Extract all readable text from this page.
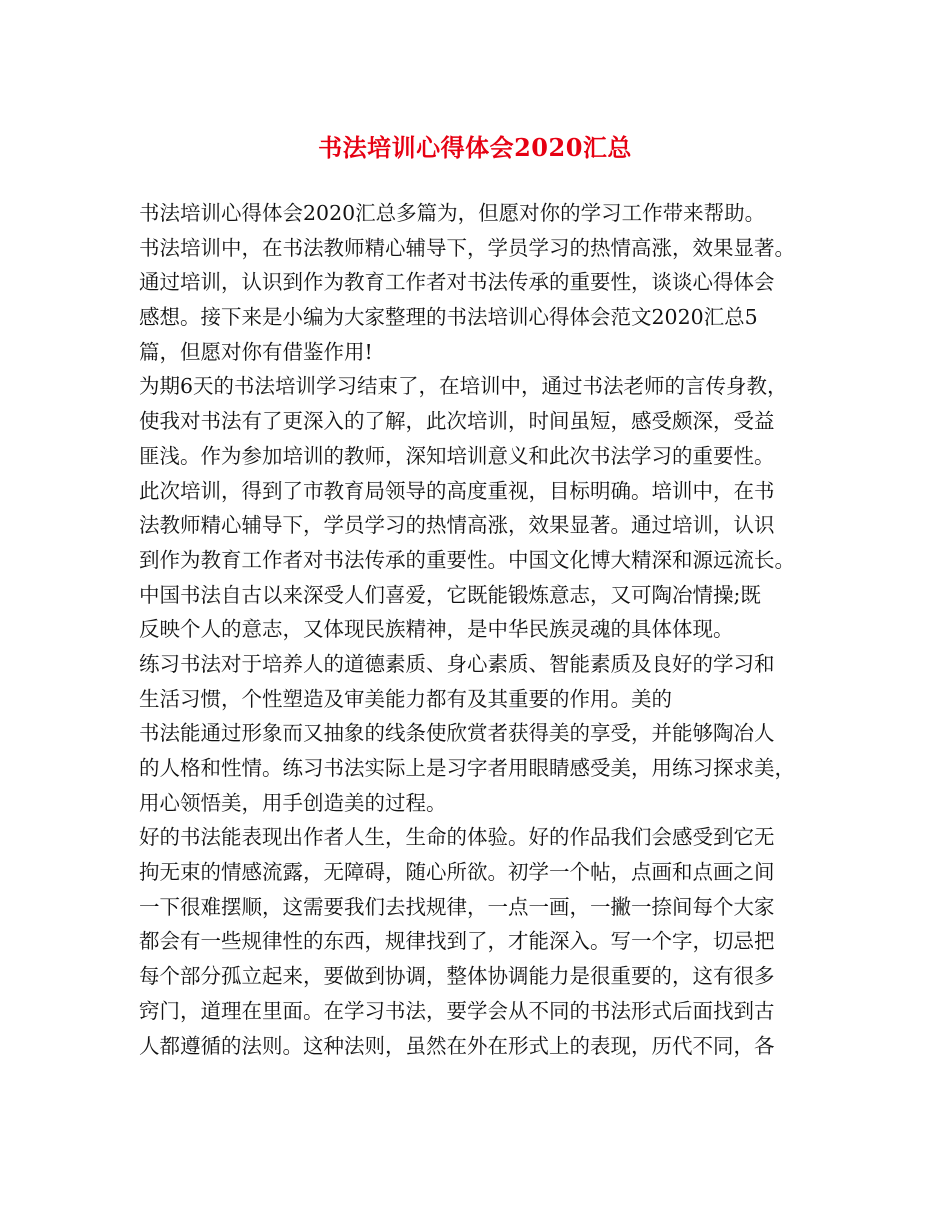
书法培训心得体会2020汇总
书法培训心得体会2020汇总多篇为，但愿对你的学习工作带来帮助。
书法培训中，在书法教师精心辅导下，学员学习的热情高涨，效果显著。
通过培训，认识到作为教育工作者对书法传承的重要性，谈谈心得体会
感想。接下来是小编为大家整理的书法培训心得体会范文2020汇总5
篇，但愿对你有借鉴作用!
为期6天的书法培训学习结束了，在培训中，通过书法老师的言传身教，
使我对书法有了更深入的了解，此次培训，时间虽短，感受颇深，受益
匪浅。作为参加培训的教师，深知培训意义和此次书法学习的重要性。
此次培训，得到了市教育局领导的高度重视，目标明确。培训中，在书
法教师精心辅导下，学员学习的热情高涨，效果显著。通过培训，认识
到作为教育工作者对书法传承的重要性。中国文化博大精深和源远流长。
中国书法自古以来深受人们喜爱，它既能锻炼意志，又可陶冶情操;既
反映个人的意志，又体现民族精神，是中华民族灵魂的具体体现。
练习书法对于培养人的道德素质、身心素质、智能素质及良好的学习和
生活习惯，个性塑造及审美能力都有及其重要的作用。美的
书法能通过形象而又抽象的线条使欣赏者获得美的享受，并能够陶冶人
的人格和性情。练习书法实际上是习字者用眼睛感受美，用练习探求美，
用心领悟美，用手创造美的过程。
好的书法能表现出作者人生，生命的体验。好的作品我们会感受到它无
拘无束的情感流露，无障碍，随心所欲。初学一个帖，点画和点画之间
一下很难摆顺，这需要我们去找规律，一点一画，一撇一捺间每个大家
都会有一些规律性的东西，规律找到了，才能深入。写一个字，切忌把
每个部分孤立起来，要做到协调，整体协调能力是很重要的，这有很多
窍门，道理在里面。在学习书法，要学会从不同的书法形式后面找到古
人都遵循的法则。这种法则，虽然在外在形式上的表现，历代不同，各
